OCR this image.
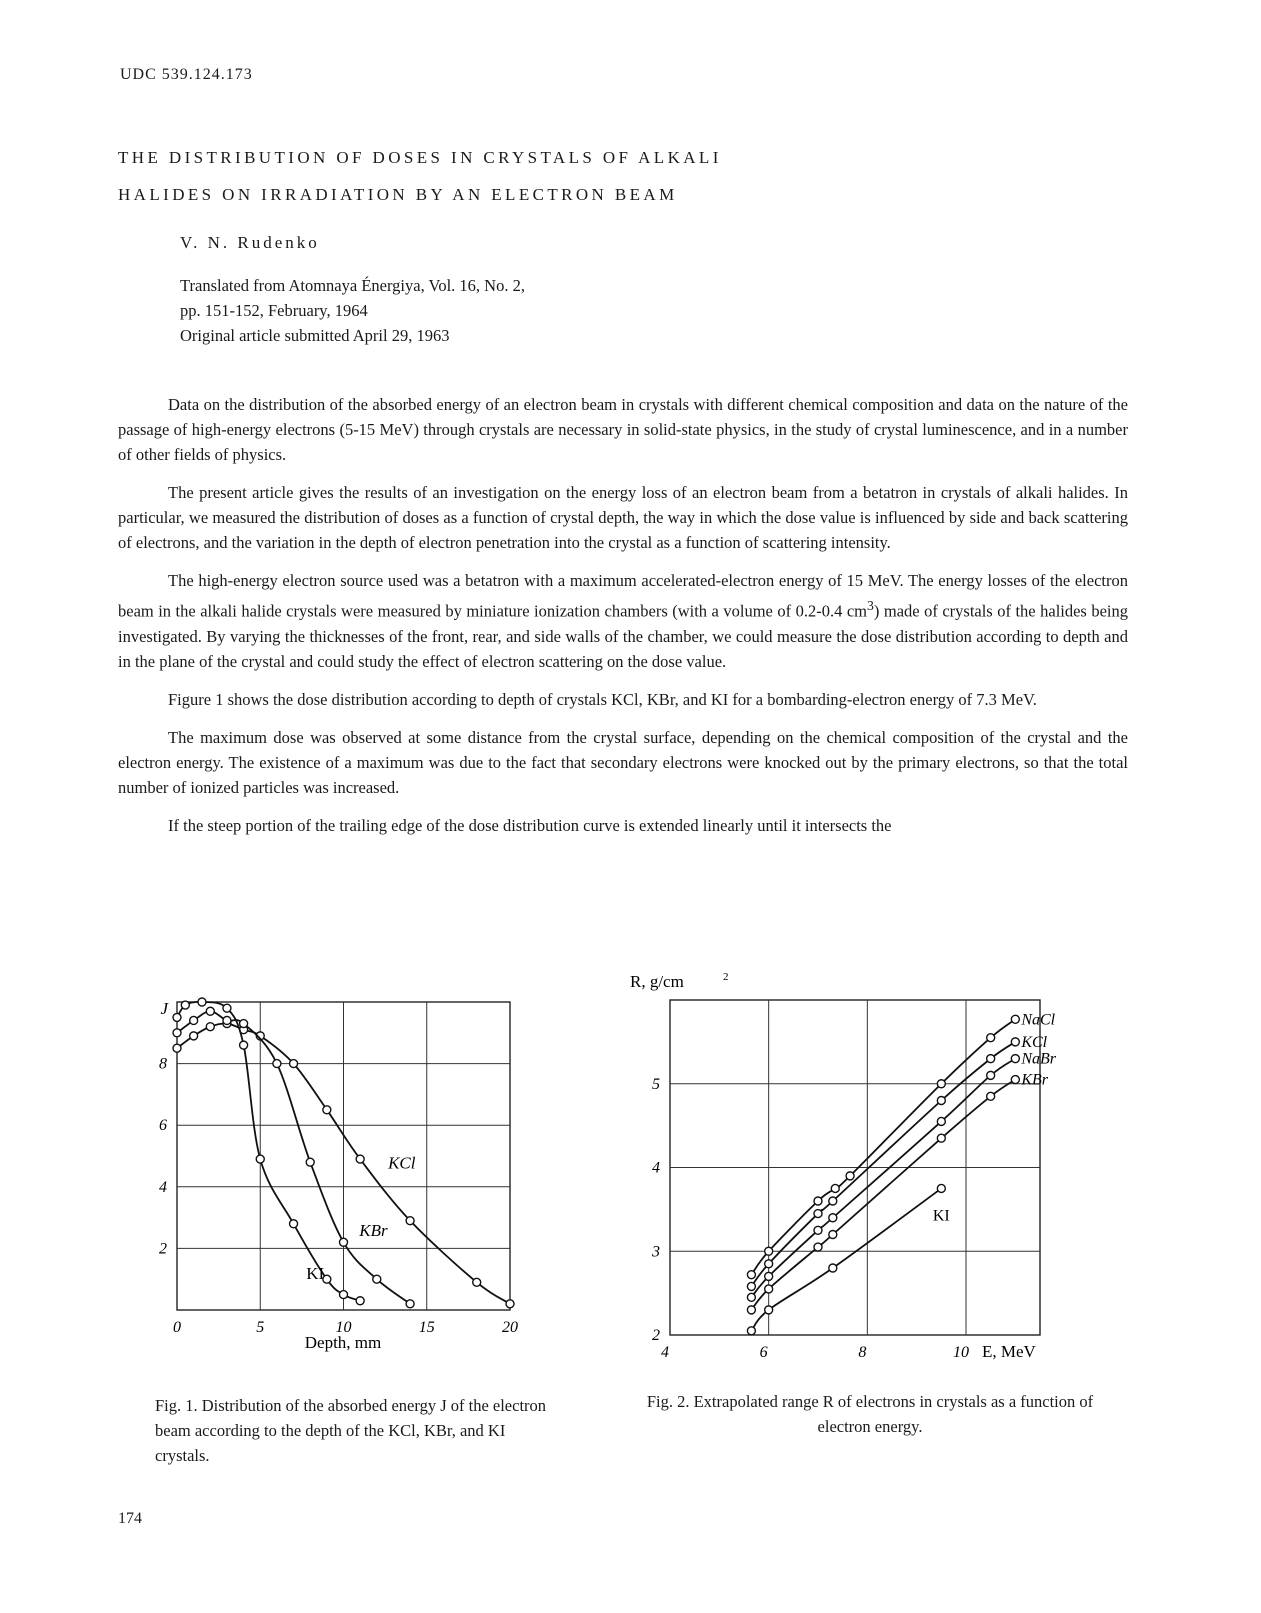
UDC 539.124.173
THE DISTRIBUTION OF DOSES IN CRYSTALS OF ALKALI
HALIDES ON IRRADIATION BY AN ELECTRON BEAM
V. N. Rudenko
Translated from Atomnaya Énergiya, Vol. 16, No. 2,
pp. 151-152, February, 1964
Original article submitted April 29, 1963

Data on the distribution of the absorbed energy of an electron beam in crystals with different chemical composition and data on the nature of the passage of high-energy electrons (5-15 MeV) through crystals are necessary in solid-state physics, in the study of crystal luminescence, and in a number of other fields of physics.

The present article gives the results of an investigation on the energy loss of an electron beam from a betatron in crystals of alkali halides. In particular, we measured the distribution of doses as a function of crystal depth, the way in which the dose value is influenced by side and back scattering of electrons, and the variation in the depth of electron penetration into the crystal as a function of scattering intensity.

The high-energy electron source used was a betatron with a maximum accelerated-electron energy of 15 MeV. The energy losses of the electron beam in the alkali halide crystals were measured by miniature ionization chambers (with a volume of 0.2-0.4 $cm^3$) made of crystals of the halides being investigated. By varying the thicknesses of the front, rear, and side walls of the chamber, we could measure the dose distribution according to depth and in the plane of the crystal and could study the effect of electron scattering on the dose value.

Figure 1 shows the dose distribution according to depth of crystals KCl, KBr, and KI for a bombarding-electron energy of 7.3 MeV.

The maximum dose was observed at some distance from the crystal surface, depending on the chemical composition of the crystal and the electron energy. The existence of a maximum was due to the fact that secondary electrons were knocked out by the primary electrons, so that the total number of ionized particles was increased.

If the steep portion of the trailing edge of the dose distribution curve is extended linearly until it intersects the

0	5	10	15	20
2
4
6
8
J
Depth, mm
KCl
KBr
KI
4	6	8	10
2
3
4
5
R, g/cm	2
E, MeV
NaCl
KCl
NaBr
KBr
KI
Fig. 1. Distribution of the absorbed energy J of the electron beam according to the depth of the KCl, KBr, and KI crystals.
Fig. 2. Extrapolated range R of electrons in crystals as a function of electron energy.
174
